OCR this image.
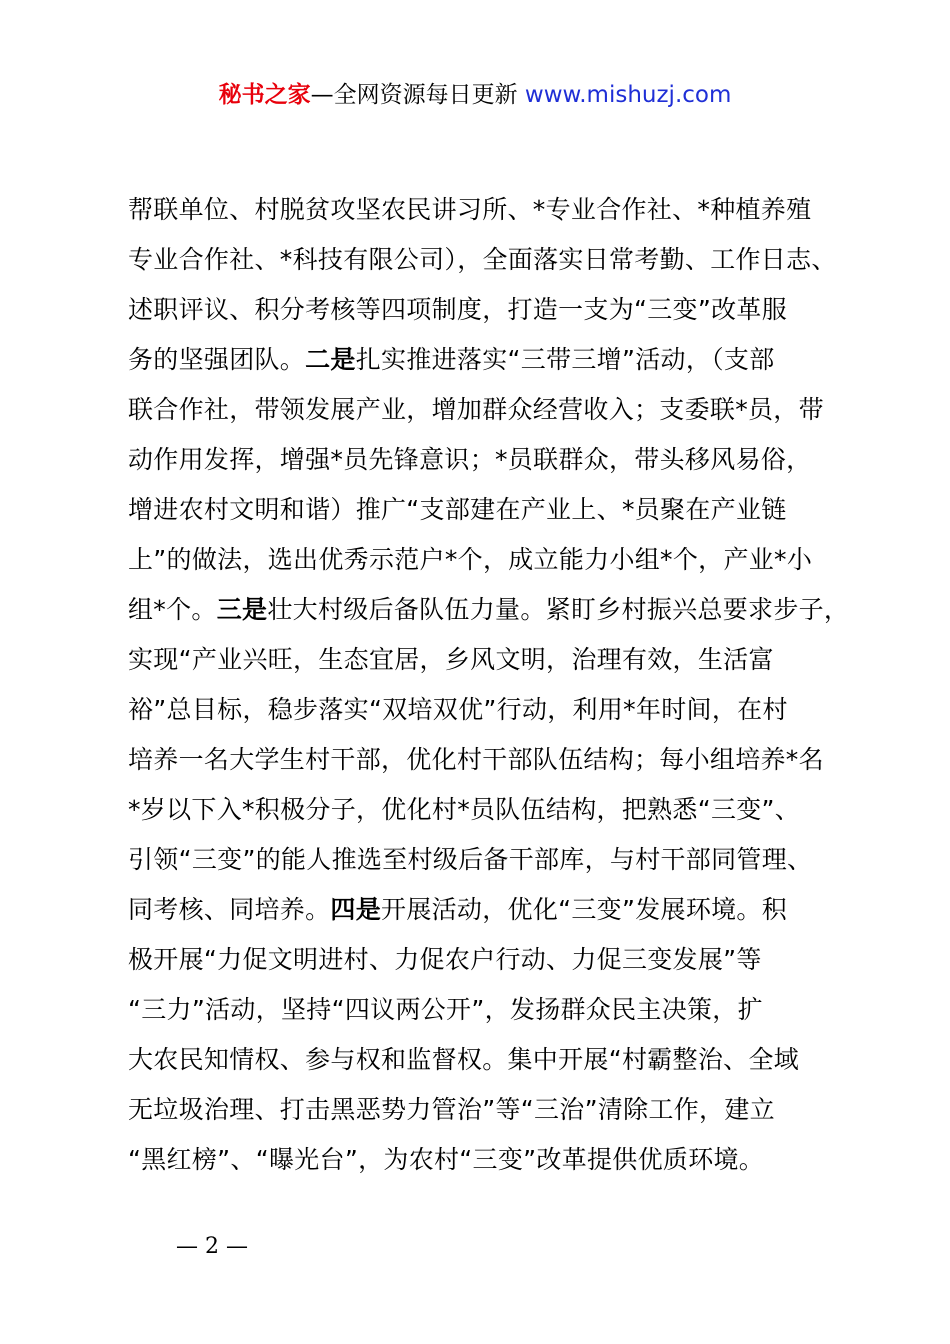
秘书之家—全网资源每日更新 www.mishuzj.com
帮联单位、村脱贫攻坚农民讲习所、*专业合作社、*种植养殖
专业合作社、*科技有限公司），全面落实日常考勤、工作日志、
述职评议、积分考核等四项制度，打造一支为“三变”改革服
务的坚强团队。二是扎实推进落实“三带三增”活动，（支部
联合作社，带领发展产业，增加群众经营收入；支委联*员，带
动作用发挥，增强*员先锋意识；*员联群众，带头移风易俗，
增进农村文明和谐）推广“支部建在产业上、*员聚在产业链
上”的做法，选出优秀示范户*个，成立能力小组*个，产业*小
组*个。三是壮大村级后备队伍力量。紧盯乡村振兴总要求步子，
实现“产业兴旺，生态宜居，乡风文明，治理有效，生活富
裕”总目标，稳步落实“双培双优”行动，利用*年时间，在村
培养一名大学生村干部，优化村干部队伍结构；每小组培养*名
*岁以下入*积极分子，优化村*员队伍结构，把熟悉“三变”、
引领“三变”的能人推选至村级后备干部库，与村干部同管理、
同考核、同培养。四是开展活动，优化“三变”发展环境。积
极开展“力促文明进村、力促农户行动、力促三变发展”等
“三力”活动，坚持“四议两公开”，发扬群众民主决策，扩
大农民知情权、参与权和监督权。集中开展“村霸整治、全域
无垃圾治理、打击黑恶势力管治”等“三治”清除工作，建立
“黑红榜”、“曝光台”，为农村“三变”改革提供优质环境。
— 2 —
